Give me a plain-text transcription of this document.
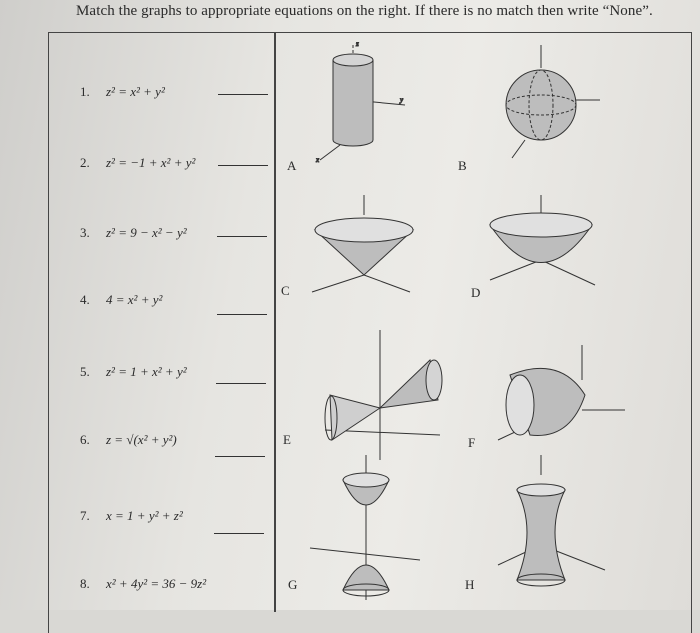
Match the graphs to appropriate equations on the right. If there is no match then write “None”.
1. z² = x² + y²
2. z² = −1 + x² + y²
3. z² = 9 − x² − y²
4. 4 = x² + y²
5. z² = 1 + x² + y²
6. z = √(x² + y²)
7. x = 1 + y² + z²
8. x² + 4y² = 36 − 9z²
A	B
C	D
E	F
G	H
z
y
x
